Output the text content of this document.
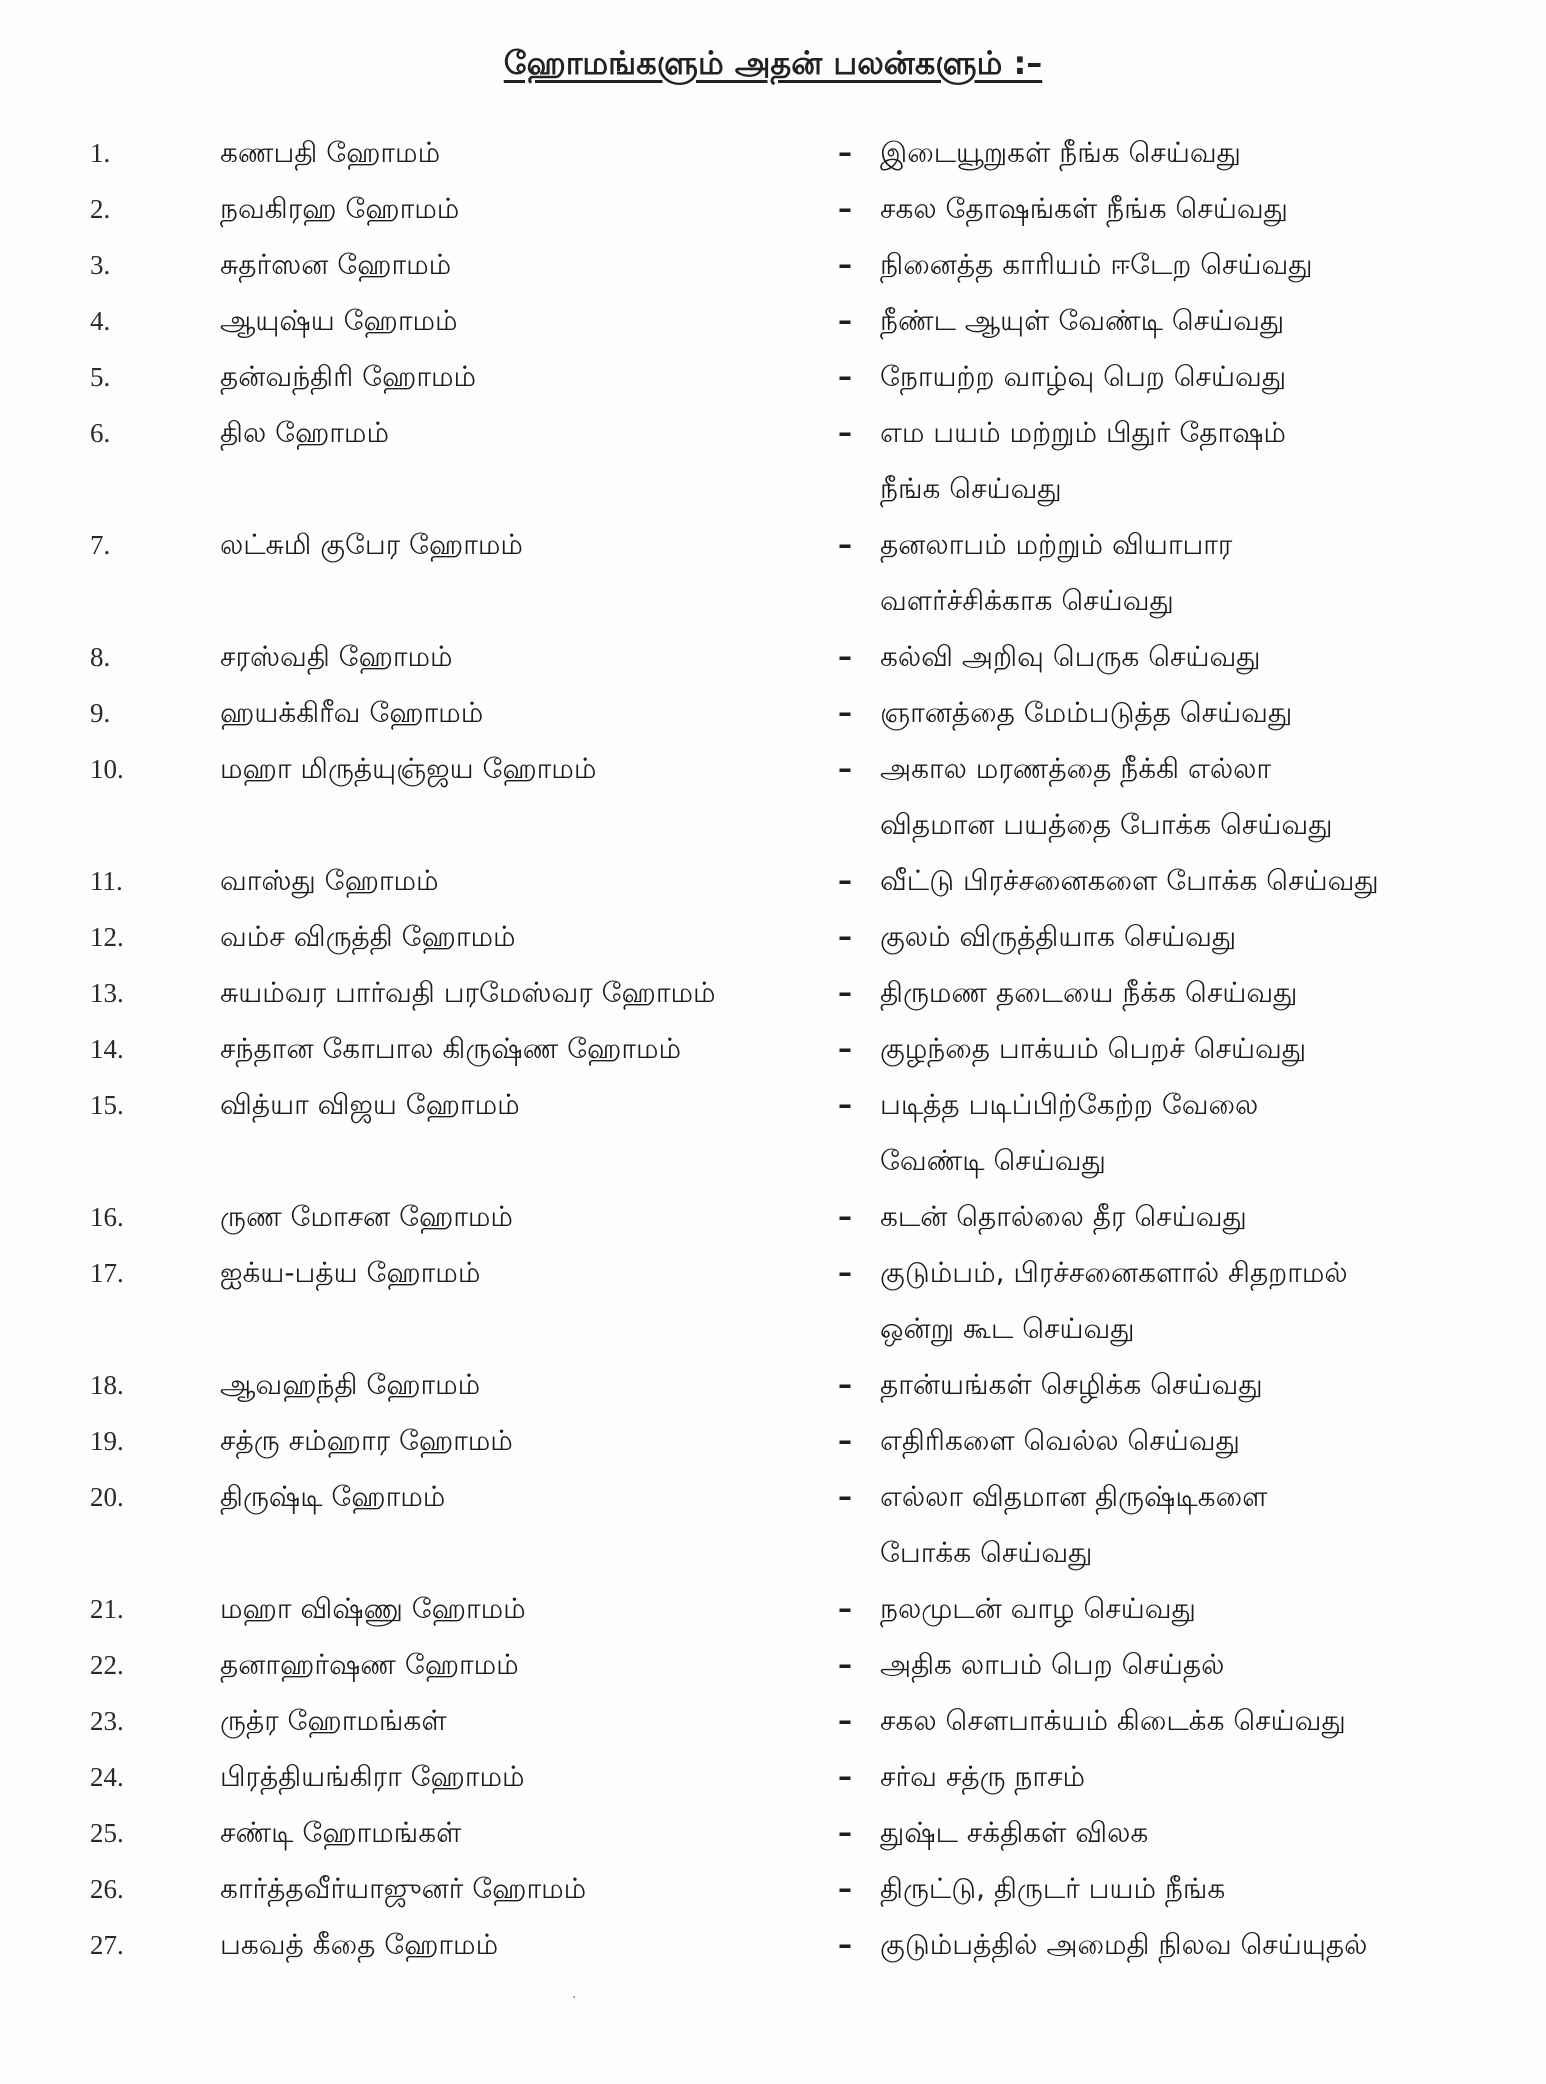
ஹோமங்களும் அதன் பலன்களும் :–
1.	கணபதி ஹோமம்	–	இடையூறுகள் நீங்க செய்வது
2.	நவகிரஹ ஹோமம்	–	சகல தோஷங்கள் நீங்க செய்வது
3.	சுதர்ஸன ஹோமம்	–	நினைத்த காரியம் ஈடேற செய்வது
4.	ஆயுஷ்ய ஹோமம்	–	நீண்ட ஆயுள் வேண்டி செய்வது
5.	தன்வந்திரி ஹோமம்	–	நோயற்ற வாழ்வு பெற செய்வது
6.	தில ஹோமம்	–	எம பயம் மற்றும் பிதுர் தோஷம்
நீங்க செய்வது
7.	லட்சுமி குபேர ஹோமம்	–	தனலாபம் மற்றும் வியாபார
வளர்ச்சிக்காக செய்வது
8.	சரஸ்வதி ஹோமம்	–	கல்வி அறிவு பெருக செய்வது
9.	ஹயக்கிரீவ ஹோமம்	–	ஞானத்தை மேம்படுத்த செய்வது
10.	மஹா மிருத்யுஞ்ஜய ஹோமம்	–	அகால மரணத்தை நீக்கி எல்லா
விதமான பயத்தை போக்க செய்வது
11.	வாஸ்து ஹோமம்	–	வீட்டு பிரச்சனைகளை போக்க செய்வது
12.	வம்ச விருத்தி ஹோமம்	–	குலம் விருத்தியாக செய்வது
13.	சுயம்வர பார்வதி பரமேஸ்வர ஹோமம்	–	திருமண தடையை நீக்க செய்வது
14.	சந்தான கோபால கிருஷ்ண ஹோமம்	–	குழந்தை பாக்யம் பெறச் செய்வது
15.	வித்யா விஜய ஹோமம்	–	படித்த படிப்பிற்கேற்ற வேலை
வேண்டி செய்வது
16.	ருண மோசன ஹோமம்	–	கடன் தொல்லை தீர செய்வது
17.	ஐக்ய-பத்ய ஹோமம்	–	குடும்பம், பிரச்சனைகளால் சிதறாமல்
ஒன்று கூட செய்வது
18.	ஆவஹந்தி ஹோமம்	–	தான்யங்கள் செழிக்க செய்வது
19.	சத்ரு சம்ஹார ஹோமம்	–	எதிரிகளை வெல்ல செய்வது
20.	திருஷ்டி ஹோமம்	–	எல்லா விதமான திருஷ்டிகளை
போக்க செய்வது
21.	மஹா விஷ்ணு ஹோமம்	–	நலமுடன் வாழ செய்வது
22.	தனாஹர்ஷண ஹோமம்	–	அதிக லாபம் பெற செய்தல்
23.	ருத்ர ஹோமங்கள்	–	சகல சௌபாக்யம் கிடைக்க செய்வது
24.	பிரத்தியங்கிரா ஹோமம்	–	சர்வ சத்ரு நாசம்
25.	சண்டி ஹோமங்கள்	–	துஷ்ட சக்திகள் விலக
26.	கார்த்தவீர்யாஜுனர் ஹோமம்	–	திருட்டு, திருடர் பயம் நீங்க
27.	பகவத் கீதை ஹோமம்	–	குடும்பத்தில் அமைதி நிலவ செய்யுதல்
·
